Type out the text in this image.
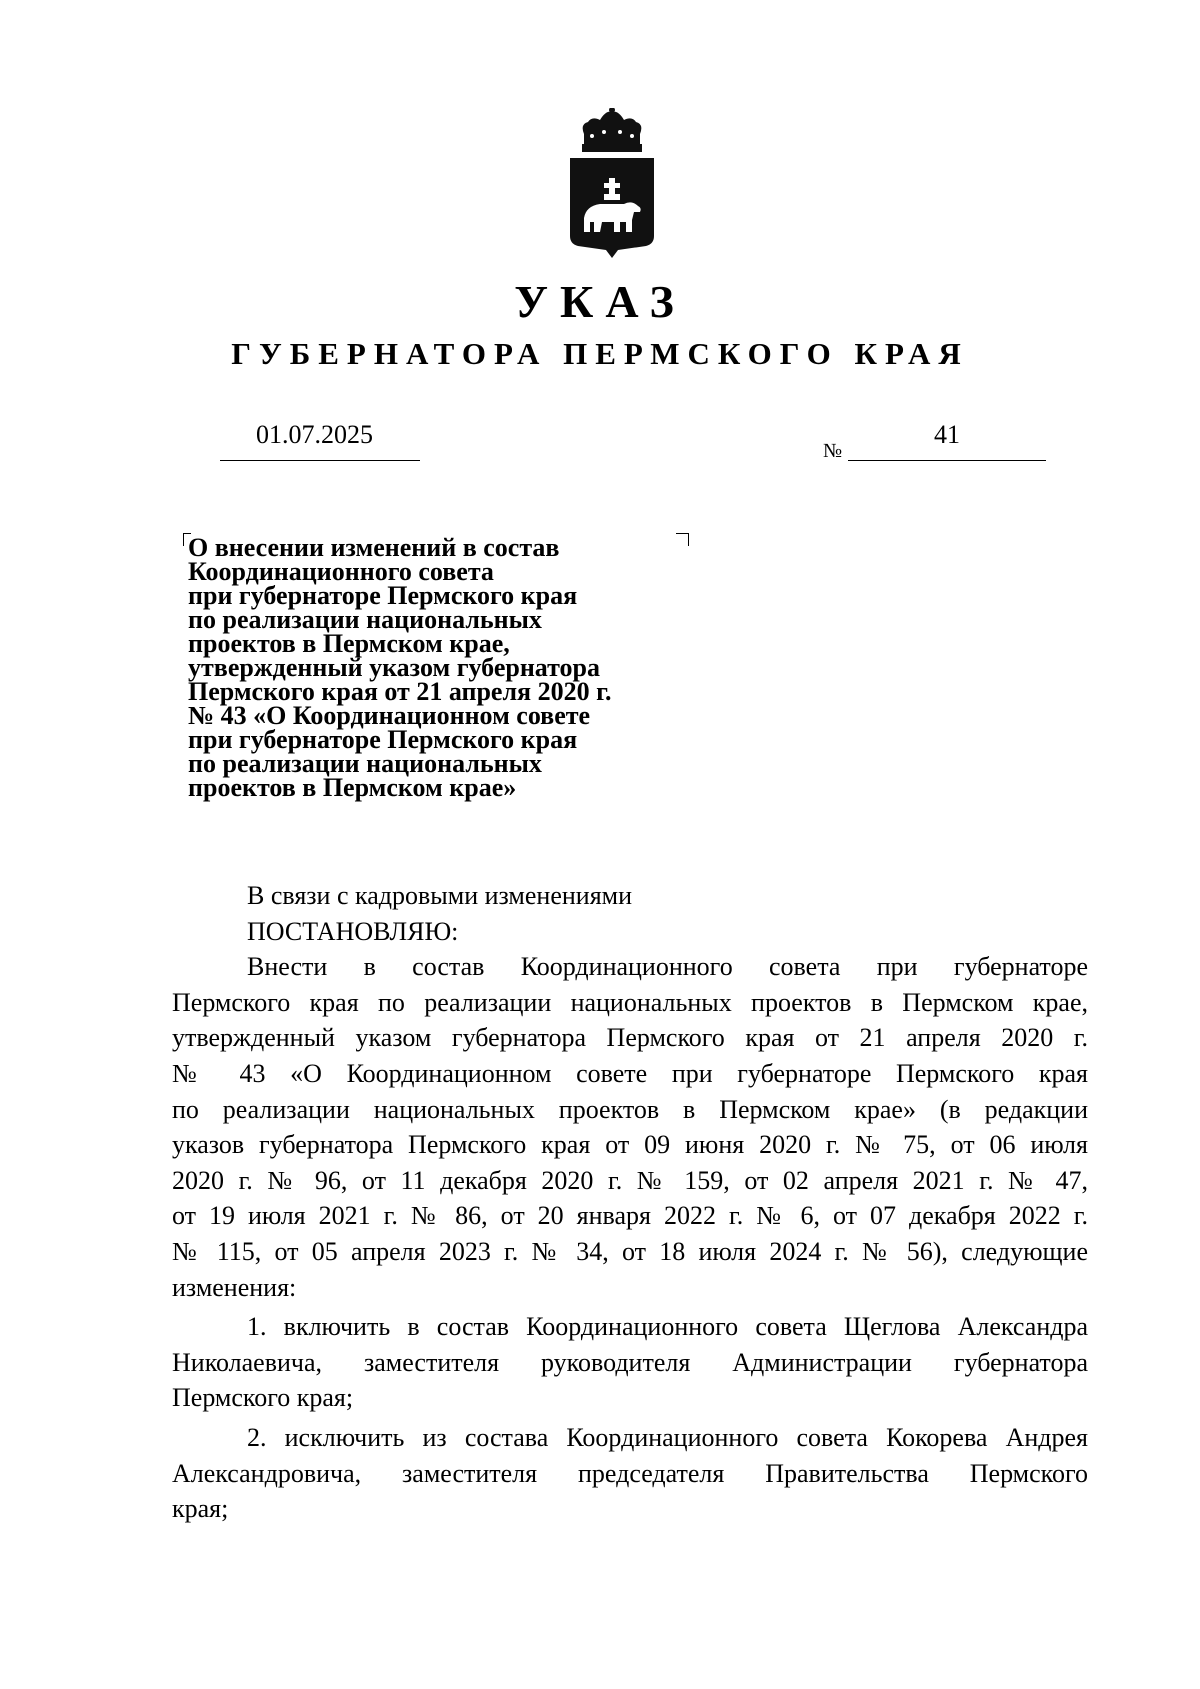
УКАЗ
ГУБЕРНАТОРА ПЕРМСКОГО КРАЯ
01.07.2025
№
41
О внесении изменений в состав
Координационного совета
при губернаторе Пермского края
по реализации национальных
проектов в Пермском крае,
утвержденный указом губернатора
Пермского края от 21 апреля 2020 г.
№ 43 «О Координационном совете
при губернаторе Пермского края
по реализации национальных
проектов в Пермском крае»
В связи с кадровыми изменениями
ПОСТАНОВЛЯЮ:
Внести в состав Координационного совета при губернаторе
Пермского края по реализации национальных проектов в Пермском крае,
утвержденный указом губернатора Пермского края от 21 апреля 2020 г.
№ 43 «О Координационном совете при губернаторе Пермского края
по реализации национальных проектов в Пермском крае» (в редакции
указов губернатора Пермского края от 09 июня 2020 г. № 75, от 06 июля
2020 г. № 96, от 11 декабря 2020 г. № 159, от 02 апреля 2021 г. № 47,
от 19 июля 2021 г. № 86, от 20 января 2022 г. № 6, от 07 декабря 2022 г.
№ 115, от 05 апреля 2023 г. № 34, от 18 июля 2024 г. № 56), следующие
изменения:
1. включить в состав Координационного совета Щеглова Александра
Николаевича, заместителя руководителя Администрации губернатора
Пермского края;
2. исключить из состава Координационного совета Кокорева Андрея
Александровича, заместителя председателя Правительства Пермского
края;
